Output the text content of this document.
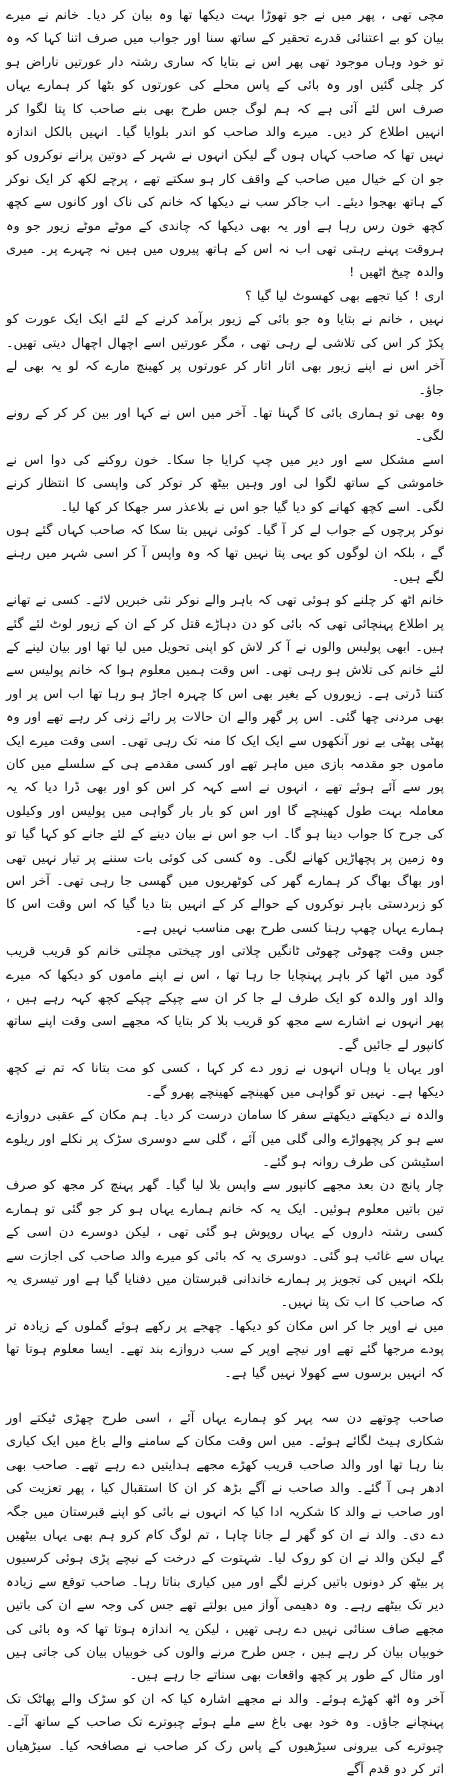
مچی تھی ، پھر میں نے جو تھوڑا بہت دیکھا تھا وہ بیان کر دیا۔ خانم نے میرے بیان کو بے اعتنائی قدرے تحقیر کے ساتھ سنا اور جواب میں صرف اتنا کہا کہ وہ تو خود وہاں موجود تھی پھر اس نے بتایا کہ ساری رشتہ دار عورتیں ناراض ہو کر چلی گئیں اور وہ بائی کے پاس محلے کی عورتوں کو بٹھا کر ہمارے یہاں صرف اس لئے آئی ہے کہ ہم لوگ جس طرح بھی بنے صاحب کا پتا لگوا کر انہیں اطلاع کر دیں۔ میرے والد صاحب کو اندر بلوایا گیا۔ انہیں بالکل اندازہ نہیں تھا کہ صاحب کہاں ہوں گے لیکن انہوں نے شہر کے دوتین پرانے نوکروں کو جو ان کے خیال میں صاحب کے واقف کار ہو سکتے تھے ، پرچے لکھ کر ایک نوکر کے ہاتھ بھجوا دیئے۔ اب جاکر سب نے دیکھا کہ خانم کی ناک اور کانوں سے کچھ کچھ خون رس رہا ہے اور یہ بھی دیکھا کہ چاندی کے موٹے موٹے زیور جو وہ ہروقت پہنے رہتی تھی اب نہ اس کے ہاتھ پیروں میں ہیں نہ چہرے پر۔ میری والدہ چیخ اٹھیں !

اری ! کیا تجھے بھی کھسوٹ لیا گیا ؟

نہیں ، خانم نے بتایا وہ جو بائی کے زیور برآمد کرنے کے لئے ایک ایک عورت کو پکڑ کر اس کی تلاشی لے رہی تھی ، مگر عورتیں اسے اچھال اچھال دیتی تھیں۔ آخر اس نے اپنے زیور بھی اتار اتار کر عورتوں پر کھینچ مارے کہ لو یہ بھی لے جاؤ۔

وہ بھی تو ہماری بائی کا گہنا تھا۔ آخر میں اس نے کہا اور بین کر کر کے رونے لگی۔

اسے مشکل سے اور دیر میں چپ کرایا جا سکا۔ خون روکنے کی دوا اس نے خاموشی کے ساتھ لگوا لی اور وہیں بیٹھ کر نوکر کی واپسی کا انتظار کرنے لگی۔ اسے کچھ کھانے کو دیا گیا جو اس نے بلاعذر سر جھکا کر کھا لیا۔

نوکر پرچوں کے جواب لے کر آ گیا۔ کوئی نہیں بتا سکا کہ صاحب کہاں گئے ہوں گے ، بلکہ ان لوگوں کو یہی پتا نہیں تھا کہ وہ واپس آ کر اسی شہر میں رہنے لگے ہیں۔

خانم اٹھ کر چلنے کو ہوئی تھی کہ باہر والے نوکر نئی خبریں لائے۔ کسی نے تھانے پر اطلاع پہنچائی تھی کہ بائی کو دن دہاڑے قتل کر کے ان کے زیور لوٹ لئے گئے ہیں۔ ابھی پولیس والوں نے آ کر لاش کو اپنی تحویل میں لیا تھا اور بیان لینے کے لئے خانم کی تلاش ہو رہی تھی۔ اس وقت ہمیں معلوم ہوا کہ خانم پولیس سے کتنا ڈرتی ہے۔ زیوروں کے بغیر بھی اس کا چہرہ اجاڑ ہو رہا تھا اب اس پر اور بھی مردنی چھا گئی۔ اس پر گھر والے ان حالات پر رائے زنی کر رہے تھے اور وہ پھٹی پھٹی بے نور آنکھوں سے ایک ایک کا منہ تک رہی تھی۔ اسی وقت میرے ایک ماموں جو مقدمہ بازی میں ماہر تھے اور کسی مقدمے ہی کے سلسلے میں کان پور سے آئے ہوئے تھے ، انہوں نے اسے کہہ کر اس کو اور بھی ڈرا دیا کہ یہ معاملہ بہت طول کھینچے گا اور اس کو بار بار گواہی میں پولیس اور وکیلوں کی جرح کا جواب دینا ہو گا۔ اب جو اس نے بیان دینے کے لئے جانے کو کہا گیا تو وہ زمین پر پچھاڑیں کھانے لگی۔ وہ کسی کی کوئی بات سننے پر تیار نہیں تھی اور بھاگ بھاگ کر ہمارے گھر کی کوٹھریوں میں گھسی جا رہی تھی۔ آخر اس کو زبردستی باہر نوکروں کے حوالے کر کے انہیں بتا دیا گیا کہ اس وقت اس کا ہمارے یہاں چھپ رہنا کسی طرح بھی مناسب نہیں ہے۔

جس وقت چھوٹی چھوٹی ٹانگیں چلاتی اور چیختی مچلتی خانم کو قریب قریب گود میں اٹھا کر باہر پہنچایا جا رہا تھا ، اس نے اپنے ماموں کو دیکھا کہ میرے والد اور والدہ کو ایک طرف لے جا کر ان سے چپکے چپکے کچھ کہہ رہے ہیں ، پھر انہوں نے اشارے سے مجھ کو قریب بلا کر بتایا کہ مجھے اسی وقت اپنے ساتھ کانپور لے جائیں گے۔

اور یہاں یا وہاں انہوں نے زور دے کر کہا ، کسی کو مت بتانا کہ تم نے کچھ دیکھا ہے۔ نہیں تو گواہی میں کھینچے کھینچے پھرو گے۔

والدہ نے دیکھتے دیکھتے سفر کا سامان درست کر دیا۔ ہم مکان کے عقبی دروازے سے ہو کر پچھواڑے والی گلی میں آئے ، گلی سے دوسری سڑک پر نکلے اور ریلوے اسٹیشن کی طرف روانہ ہو گئے۔

چار پانچ دن بعد مجھے کانپور سے واپس بلا لیا گیا۔ گھر پہنچ کر مجھ کو صرف تین باتیں معلوم ہوئیں۔ ایک یہ کہ خانم ہمارے یہاں ہو کر جو گئی تو ہمارے کسی رشتہ داروں کے یہاں روپوش ہو گئی تھی ، لیکن دوسرے دن اسی کے یہاں سے غائب ہو گئی۔ دوسری یہ کہ بائی کو میرے والد صاحب کی اجازت سے بلکہ انہیں کی تجویز پر ہمارے خاندانی قبرستان میں دفنایا گیا ہے اور تیسری یہ کہ صاحب کا اب تک پتا نہیں۔

میں نے اوپر جا کر اس مکان کو دیکھا۔ چھجے پر رکھے ہوئے گملوں کے زیادہ تر پودے مرجھا گئے تھے اور نیچے اوپر کے سب دروازے بند تھے۔ ایسا معلوم ہوتا تھا کہ انہیں برسوں سے کھولا نہیں گیا ہے۔

صاحب چوتھے دن سہ پہر کو ہمارے یہاں آئے ، اسی طرح چھڑی ٹیکتے اور شکاری ہیٹ لگائے ہوئے۔ میں اس وقت مکان کے سامنے والے باغ میں ایک کیاری بنا رہا تھا اور والد صاحب قریب کھڑے مجھے ہدایتیں دے رہے تھے۔ صاحب بھی ادھر ہی آ گئے۔ والد صاحب نے آگے بڑھ کر ان کا استقبال کیا ، پھر تعزیت کی اور صاحب نے والد کا شکریہ ادا کیا کہ انہوں نے بائی کو اپنے قبرستان میں جگہ دے دی۔ والد نے ان کو گھر لے جانا چاہا ، تم لوگ کام کرو ہم بھی یہاں بیٹھیں گے لیکن والد نے ان کو روک لیا۔ شہتوت کے درخت کے نیچے پڑی ہوئی کرسیوں پر بیٹھ کر دونوں باتیں کرنے لگے اور میں کیاری بناتا رہا۔ صاحب توقع سے زیادہ دیر تک بیٹھے رہے۔ وہ دھیمی آواز میں بولتے تھے جس کی وجہ سے ان کی باتیں مجھے صاف سنائی نہیں دے رہی تھیں ، لیکن یہ اندازہ ہوتا تھا کہ وہ بائی کی خوبیاں بیان کر رہے ہیں ، جس طرح مرنے والوں کی خوبیاں بیان کی جاتی ہیں اور مثال کے طور پر کچھ واقعات بھی سناتے جا رہے ہیں۔

آخر وہ اٹھ کھڑے ہوئے۔ والد نے مجھے اشارہ کیا کہ ان کو سڑک والے پھاٹک تک پہنچانے جاؤں۔ وہ خود بھی باغ سے ملے ہوئے چبوترے تک صاحب کے ساتھ آئے۔ چبوترے کی بیرونی سیڑھیوں کے پاس رک کر صاحب نے مصافحہ کیا۔ سیڑھیاں اتر کر دو قدم آگے
